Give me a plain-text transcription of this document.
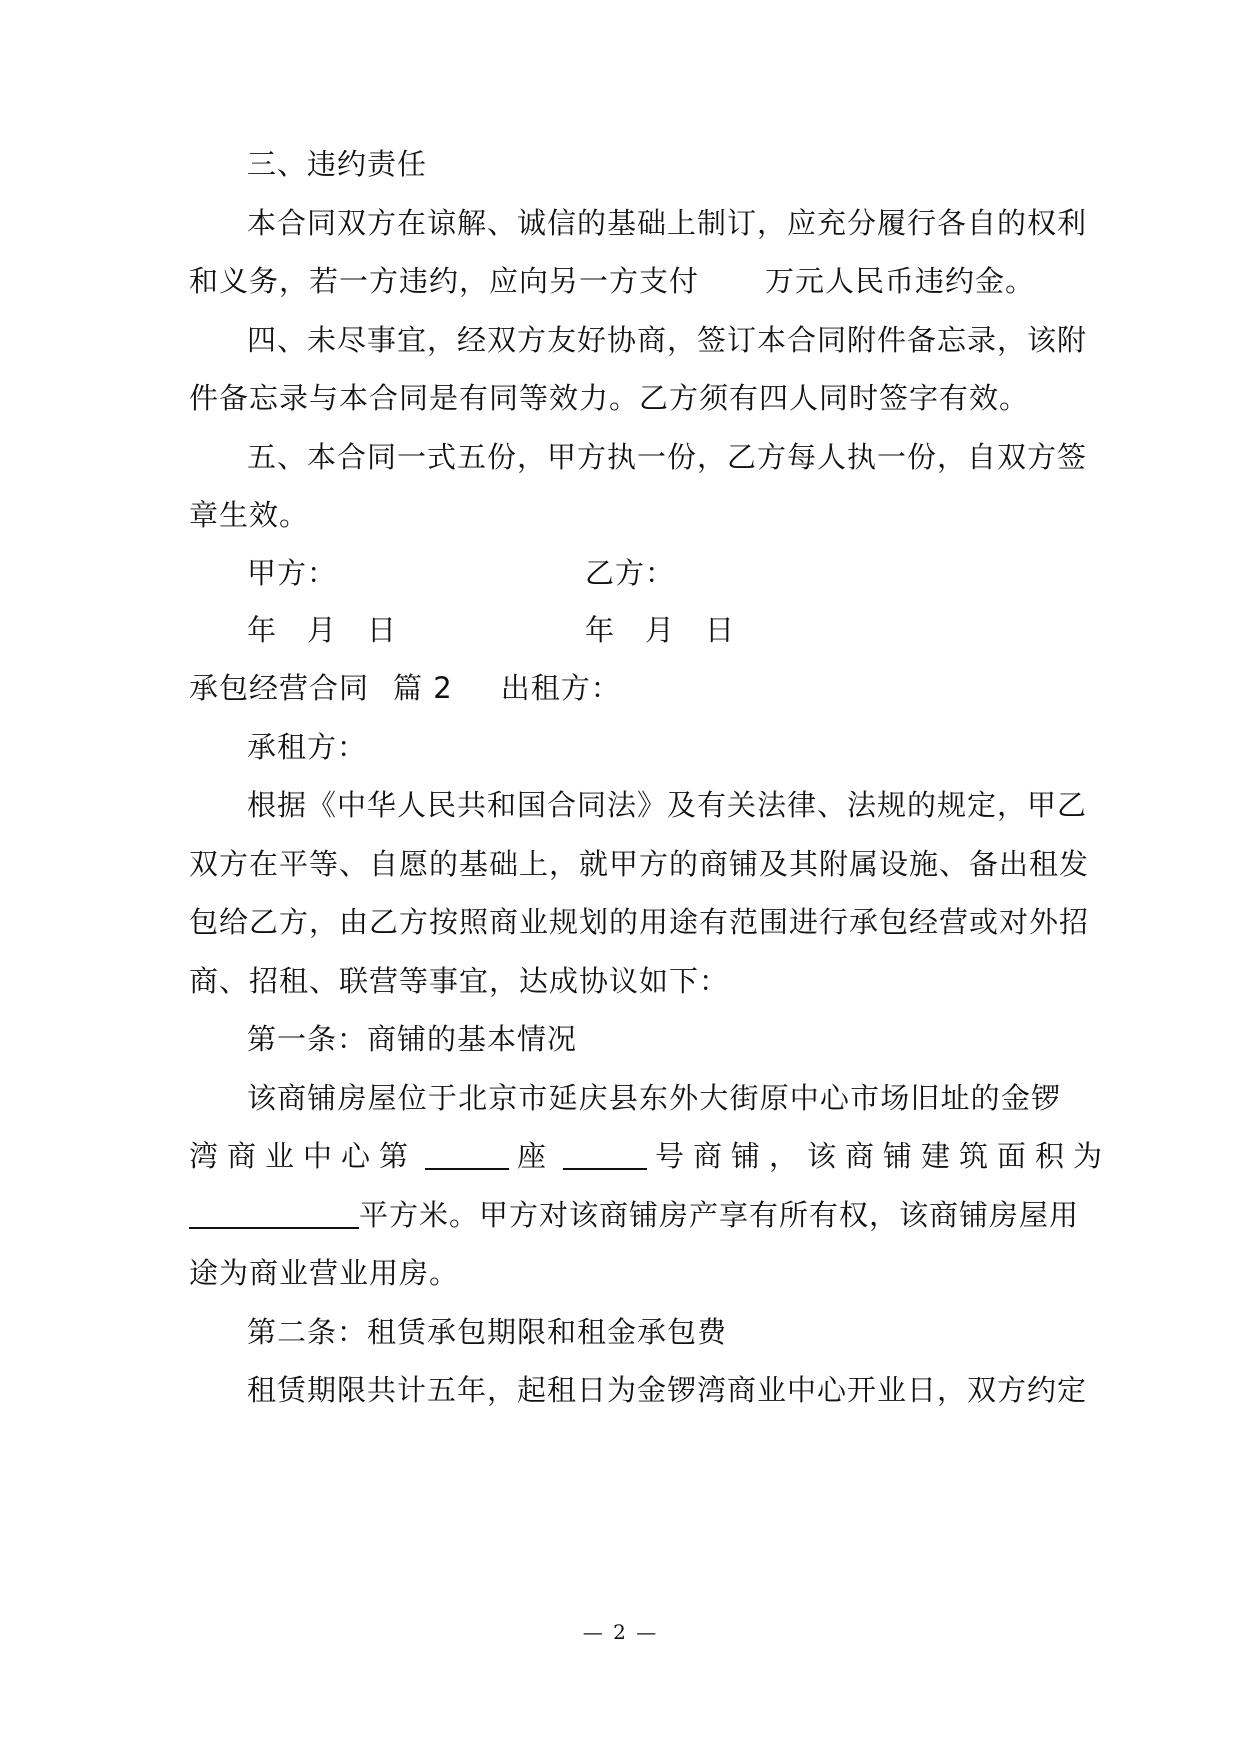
三、违约责任
本合同双方在谅解、诚信的基础上制订，应充分履行各自的权利
和义务，若一方违约，应向另一方支付 万元人民币违约金。
四、未尽事宜，经双方友好协商，签订本合同附件备忘录，该附
件备忘录与本合同是有同等效力。乙方须有四人同时签字有效。
五、本合同一式五份，甲方执一份，乙方每人执一份，自双方签
章生效。
甲方：	乙方：
年　月　日	年　月　日
承包经营合同 篇 2 出租方：
承租方：
根据《中华人民共和国合同法》及有关法律、法规的规定，甲乙
双方在平等、自愿的基础上，就甲方的商铺及其附属设施、备出租发
包给乙方，由乙方按照商业规划的用途有范围进行承包经营或对外招
商、招租、联营等事宜，达成协议如下：
第一条：商铺的基本情况
该商铺房屋位于北京市延庆县东外大街原中心市场旧址的金锣
湾商业中心第	座	号商铺，该商铺建筑面积为
平方米。甲方对该商铺房产享有所有权，该商铺房屋用
途为商业营业用房。
第二条：租赁承包期限和租金承包费
租赁期限共计五年，起租日为金锣湾商业中心开业日，双方约定
— 2 —
